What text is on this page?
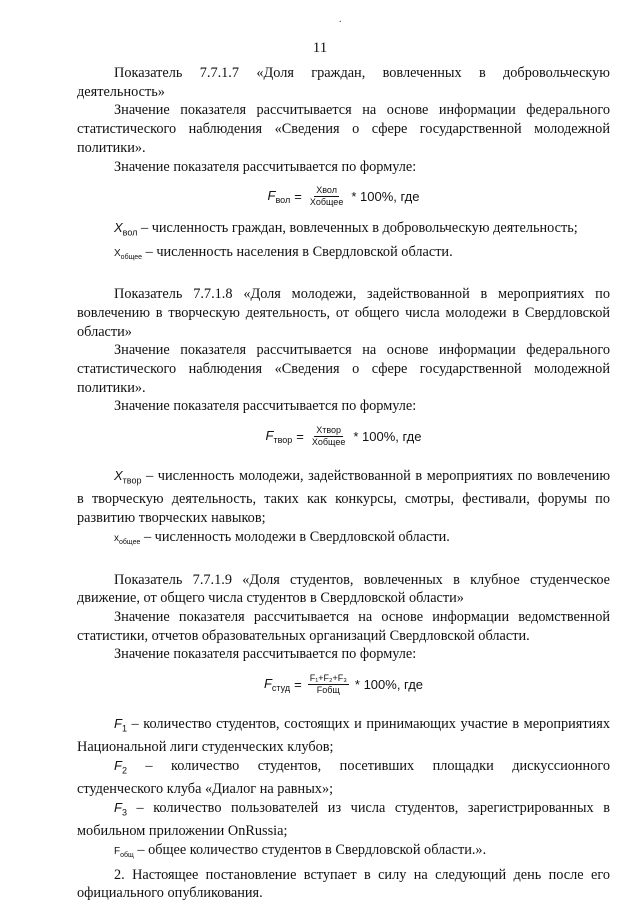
.
11

Показатель 7.7.1.7 «Доля граждан, вовлеченных в добровольческую деятельность»

Значение показателя рассчитывается на основе информации федерального статистического наблюдения «Сведения о сфере государственной молодежной политики».

Значение показателя рассчитывается по формуле:

$F_{вол} = \frac{\text{Χвол}}{\text{Χобщее}} * 100\%$, где

$X_{вол}$ – численность граждан, вовлеченных в добровольческую деятельность;

$X_{общее}$ – численность населения в Свердловской области.

Показатель 7.7.1.8 «Доля молодежи, задействованной в мероприятиях по вовлечению в творческую деятельность, от общего числа молодежи в Свердловской области»

Значение показателя рассчитывается на основе информации федерального статистического наблюдения «Сведения о сфере государственной молодежной политики».

Значение показателя рассчитывается по формуле:

$F_{твор} = \frac{\text{Χтвор}}{\text{Χобщее}} * 100\%$, где

$X_{твор}$ – численность молодежи, задействованной в мероприятиях по вовлечению в творческую деятельность, таких как конкурсы, смотры, фестивали, форумы по развитию творческих навыков;

$x_{общее}$ – численность молодежи в Свердловской области.

Показатель 7.7.1.9 «Доля студентов, вовлеченных в клубное студенческое движение, от общего числа студентов в Свердловской области»

Значение показателя рассчитывается на основе информации ведомственной статистики, отчетов образовательных организаций Свердловской области.

Значение показателя рассчитывается по формуле:

$F_{студ} = \frac{\text{F₁+F₂+F₃}}{\text{Fобщ}} * 100\%$, где

$F_1$ – количество студентов, состоящих и принимающих участие в мероприятиях Национальной лиги студенческих клубов;

$F_2$ – количество студентов, посетивших площадки дискуссионного студенческого клуба «Диалог на равных»;

$F_3$ – количество пользователей из числа студентов, зарегистрированных в мобильном приложении OnRussia;

$F_{общ}$ – общее количество студентов в Свердловской области.».

2. Настоящее постановление вступает в силу на следующий день после его официального опубликования.
